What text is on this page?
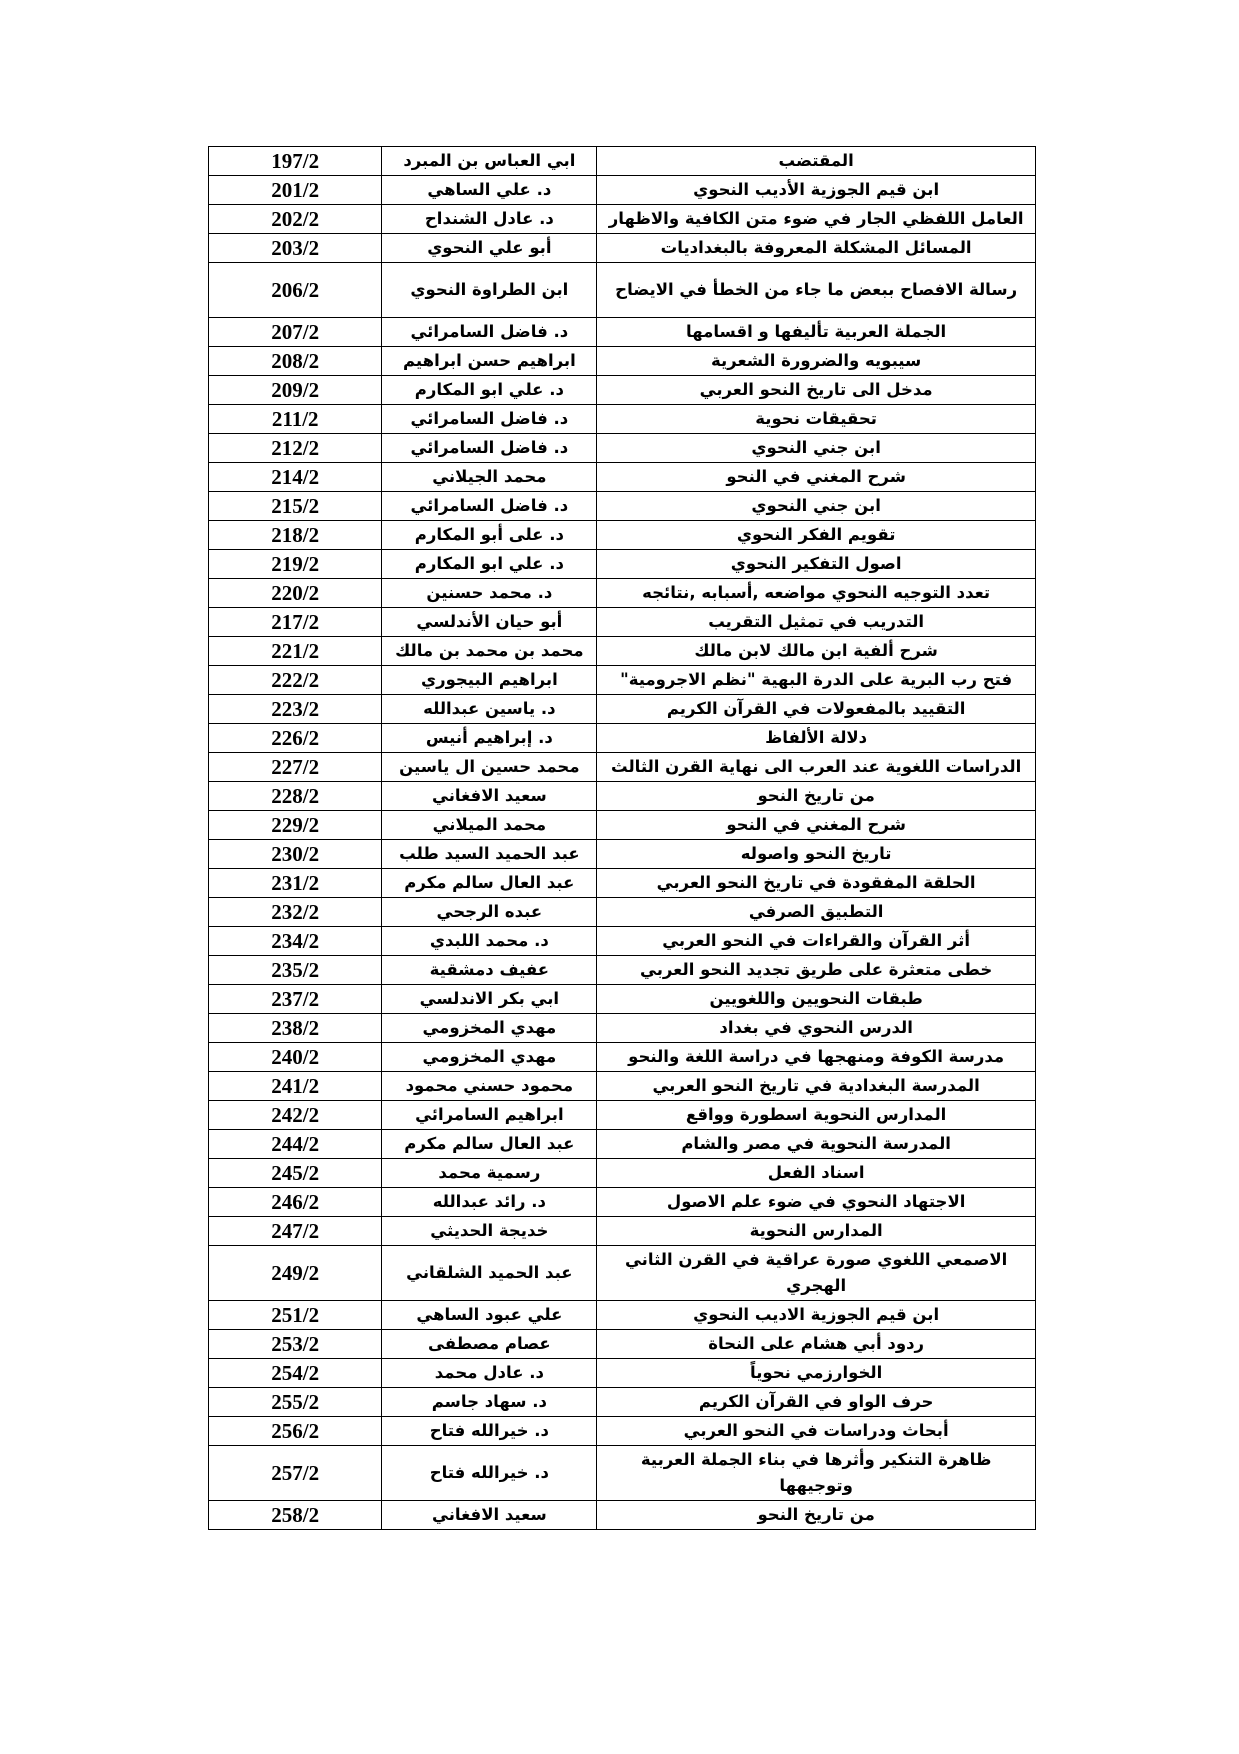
197/2	ابي العباس بن المبرد	المقتضب
201/2	د. علي الساهي	ابن قيم الجوزية الأديب النحوي
202/2	د. عادل الشنداح	العامل اللفظي الجار في ضوء متن الكافية والاظهار
203/2	أبو علي النحوي	المسائل المشكلة المعروفة بالبغداديات
206/2	ابن الطراوة النحوي	رسالة الافصاح ببعض ما جاء من الخطأ في الايضاح
207/2	د. فاضل السامرائي	الجملة العربية تأليفها و اقسامها
208/2	ابراهيم حسن ابراهيم	سيبويه والضرورة الشعرية
209/2	د. علي ابو المكارم	مدخل الى تاريخ النحو العربي
211/2	د. فاضل السامرائي	تحقيقات نحوية
212/2	د. فاضل السامرائي	ابن جني النحوي
214/2	محمد الجيلاني	شرح المغني في النحو
215/2	د. فاضل السامرائي	ابن جني النحوي
218/2	د. على أبو المكارم	تقويم الفكر النحوي
219/2	د. علي ابو المكارم	اصول التفكير النحوي
220/2	د. محمد حسنين	تعدد التوجيه النحوي مواضعه ,أسبابه ,نتائجه
217/2	أبو حيان الأندلسي	التدريب في تمثيل التقريب
221/2	محمد بن محمد بن مالك	شرح ألفية ابن مالك لابن مالك
222/2	ابراهيم البيجوري	فتح رب البرية على الدرة البهية "نظم الاجرومية"
223/2	د. ياسين عبدالله	التقييد بالمفعولات في القرآن الكريم
226/2	د. إبراهيم أنيس	دلالة الألفاظ
227/2	محمد حسين ال ياسين	الدراسات اللغوية عند العرب الى نهاية القرن الثالث
228/2	سعيد الافغاني	من تاريخ النحو
229/2	محمد الميلاني	شرح المغني في النحو
230/2	عبد الحميد السيد طلب	تاريخ النحو واصوله
231/2	عبد العال سالم مكرم	الحلقة المفقودة في تاريخ النحو العربي
232/2	عبده الرجحي	التطبيق الصرفي
234/2	د. محمد اللبدي	أثر القرآن والقراءات في النحو العربي
235/2	عفيف دمشقية	خطى متعثرة على طريق تجديد النحو العربي
237/2	ابي بكر الاندلسي	طبقات النحويين واللغويين
238/2	مهدي المخزومي	الدرس النحوي في بغداد
240/2	مهدي المخزومي	مدرسة الكوفة ومنهجها في دراسة اللغة والنحو
241/2	محمود حسني محمود	المدرسة البغدادية في تاريخ النحو العربي
242/2	ابراهيم السامرائي	المدارس النحوية اسطورة وواقع
244/2	عبد العال سالم مكرم	المدرسة النحوية في مصر والشام
245/2	رسمية محمد	اسناد الفعل
246/2	د. رائد عبدالله	الاجتهاد النحوي في ضوء علم الاصول
247/2	خديجة الحديثي	المدارس النحوية
249/2	عبد الحميد الشلقاني	الاصمعي اللغوي صورة عراقية في القرن الثاني الهجري
251/2	علي عبود الساهي	ابن قيم الجوزية الاديب النحوي
253/2	عصام مصطفى	ردود أبي هشام على النحاة
254/2	د. عادل محمد	الخوارزمي نحوياً
255/2	د. سهاد جاسم	حرف الواو في القرآن الكريم
256/2	د. خيرالله فتاح	أبحاث ودراسات في النحو العربي
257/2	د. خيرالله فتاح	ظاهرة التنكير وأثرها في بناء الجملة العربية وتوجيهها
258/2	سعيد الافغاني	من تاريخ النحو
